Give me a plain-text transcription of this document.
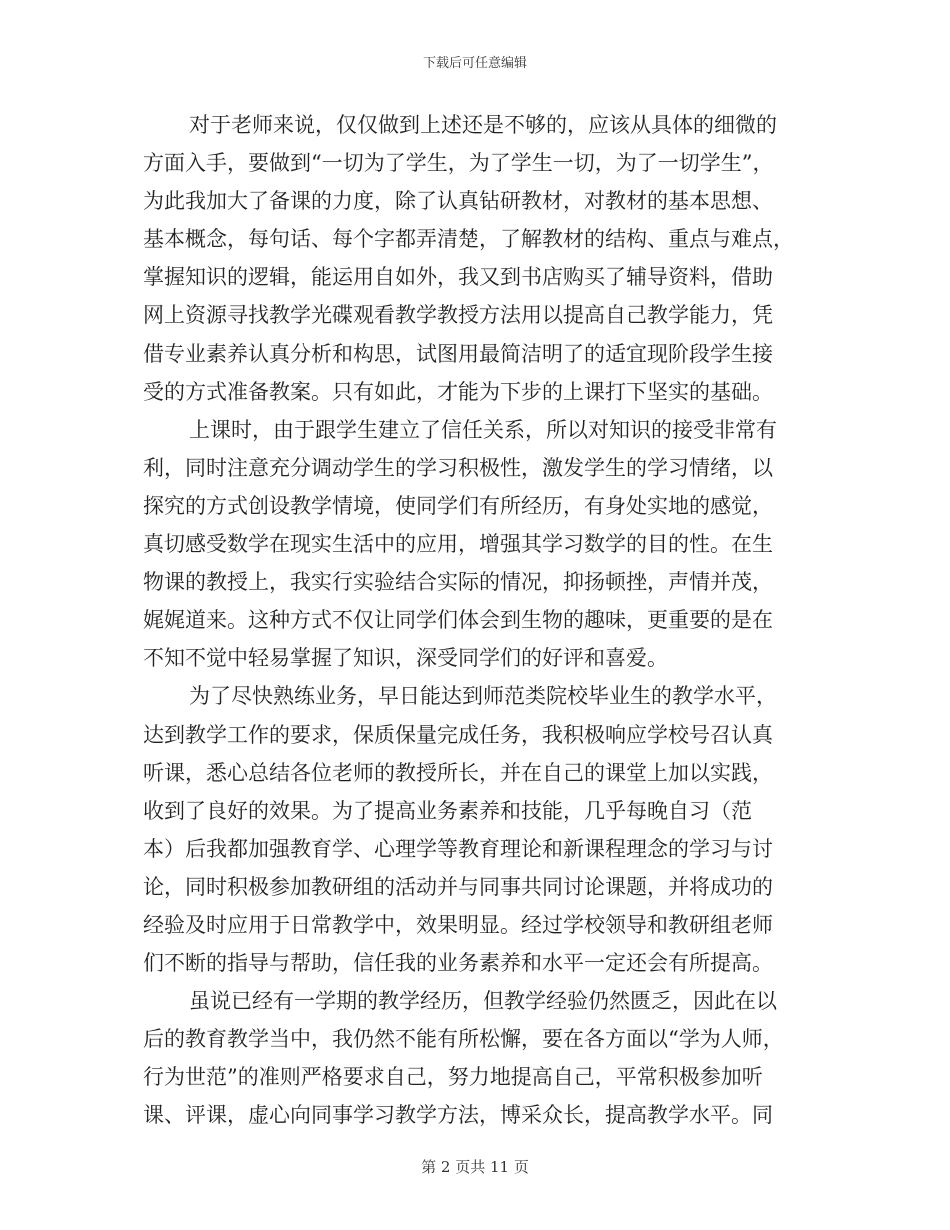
下载后可任意编辑
对于老师来说，仅仅做到上述还是不够的，应该从具体的细微的
方面入手，要做到“一切为了学生，为了学生一切，为了一切学生”，
为此我加大了备课的力度，除了认真钻研教材，对教材的基本思想、
基本概念，每句话、每个字都弄清楚，了解教材的结构、重点与难点，
掌握知识的逻辑，能运用自如外，我又到书店购买了辅导资料，借助
网上资源寻找教学光碟观看教学教授方法用以提高自己教学能力，凭
借专业素养认真分析和构思，试图用最简洁明了的适宜现阶段学生接
受的方式准备教案。只有如此，才能为下步的上课打下坚实的基础。
上课时，由于跟学生建立了信任关系，所以对知识的接受非常有
利，同时注意充分调动学生的学习积极性，激发学生的学习情绪，以
探究的方式创设教学情境，使同学们有所经历，有身处实地的感觉，
真切感受数学在现实生活中的应用，增强其学习数学的目的性。在生
物课的教授上，我实行实验结合实际的情况，抑扬顿挫，声情并茂，
娓娓道来。这种方式不仅让同学们体会到生物的趣味，更重要的是在
不知不觉中轻易掌握了知识，深受同学们的好评和喜爱。
为了尽快熟练业务，早日能达到师范类院校毕业生的教学水平，
达到教学工作的要求，保质保量完成任务，我积极响应学校号召认真
听课，悉心总结各位老师的教授所长，并在自己的课堂上加以实践，
收到了良好的效果。为了提高业务素养和技能，几乎每晚自习（范
本）后我都加强教育学、心理学等教育理论和新课程理念的学习与讨
论，同时积极参加教研组的活动并与同事共同讨论课题，并将成功的
经验及时应用于日常教学中，效果明显。经过学校领导和教研组老师
们不断的指导与帮助，信任我的业务素养和水平一定还会有所提高。
虽说已经有一学期的教学经历，但教学经验仍然匮乏，因此在以
后的教育教学当中，我仍然不能有所松懈，要在各方面以“学为人师，
行为世范”的准则严格要求自己，努力地提高自己，平常积极参加听
课、评课，虚心向同事学习教学方法，博采众长，提高教学水平。同
第 2 页共 11 页
